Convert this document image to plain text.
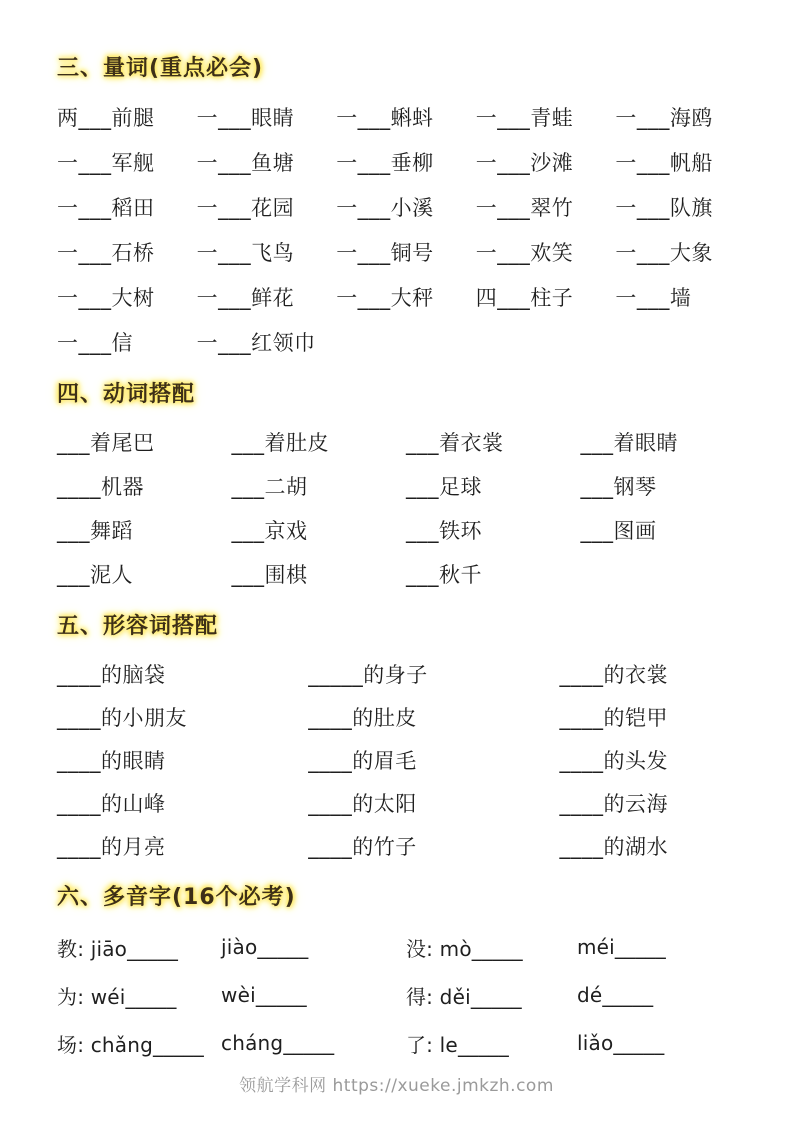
三、量词(重点必会)
两___前腿	一___眼睛	一___蝌蚪	一___青蛙	一___海鸥
一___军舰	一___鱼塘	一___垂柳	一___沙滩	一___帆船
一___稻田	一___花园	一___小溪	一___翠竹	一___队旗
一___石桥	一___飞鸟	一___铜号	一___欢笑	一___大象
一___大树	一___鲜花	一___大秤	四___柱子	一___墙
一___信	一___红领巾
四、动词搭配
___着尾巴	___着肚皮	___着衣裳	___着眼睛
____机器	___二胡	___足球	___钢琴
___舞蹈	___京戏	___铁环	___图画
___泥人	___围棋	___秋千
五、形容词搭配
____的脑袋	_____的身子	____的衣裳
____的小朋友	____的肚皮	____的铠甲
____的眼睛	____的眉毛	____的头发
____的山峰	____的太阳	____的云海
____的月亮	____的竹子	____的湖水
六、多音字(16个必考)
教: jiāo_____	jiào_____	没: mò_____	méi_____
为: wéi_____	wèi_____	得: děi_____	dé_____
场: chǎng_____ cháng_____	了: le_____	liǎo_____
领航学科网 https://xueke.jmkzh.com
